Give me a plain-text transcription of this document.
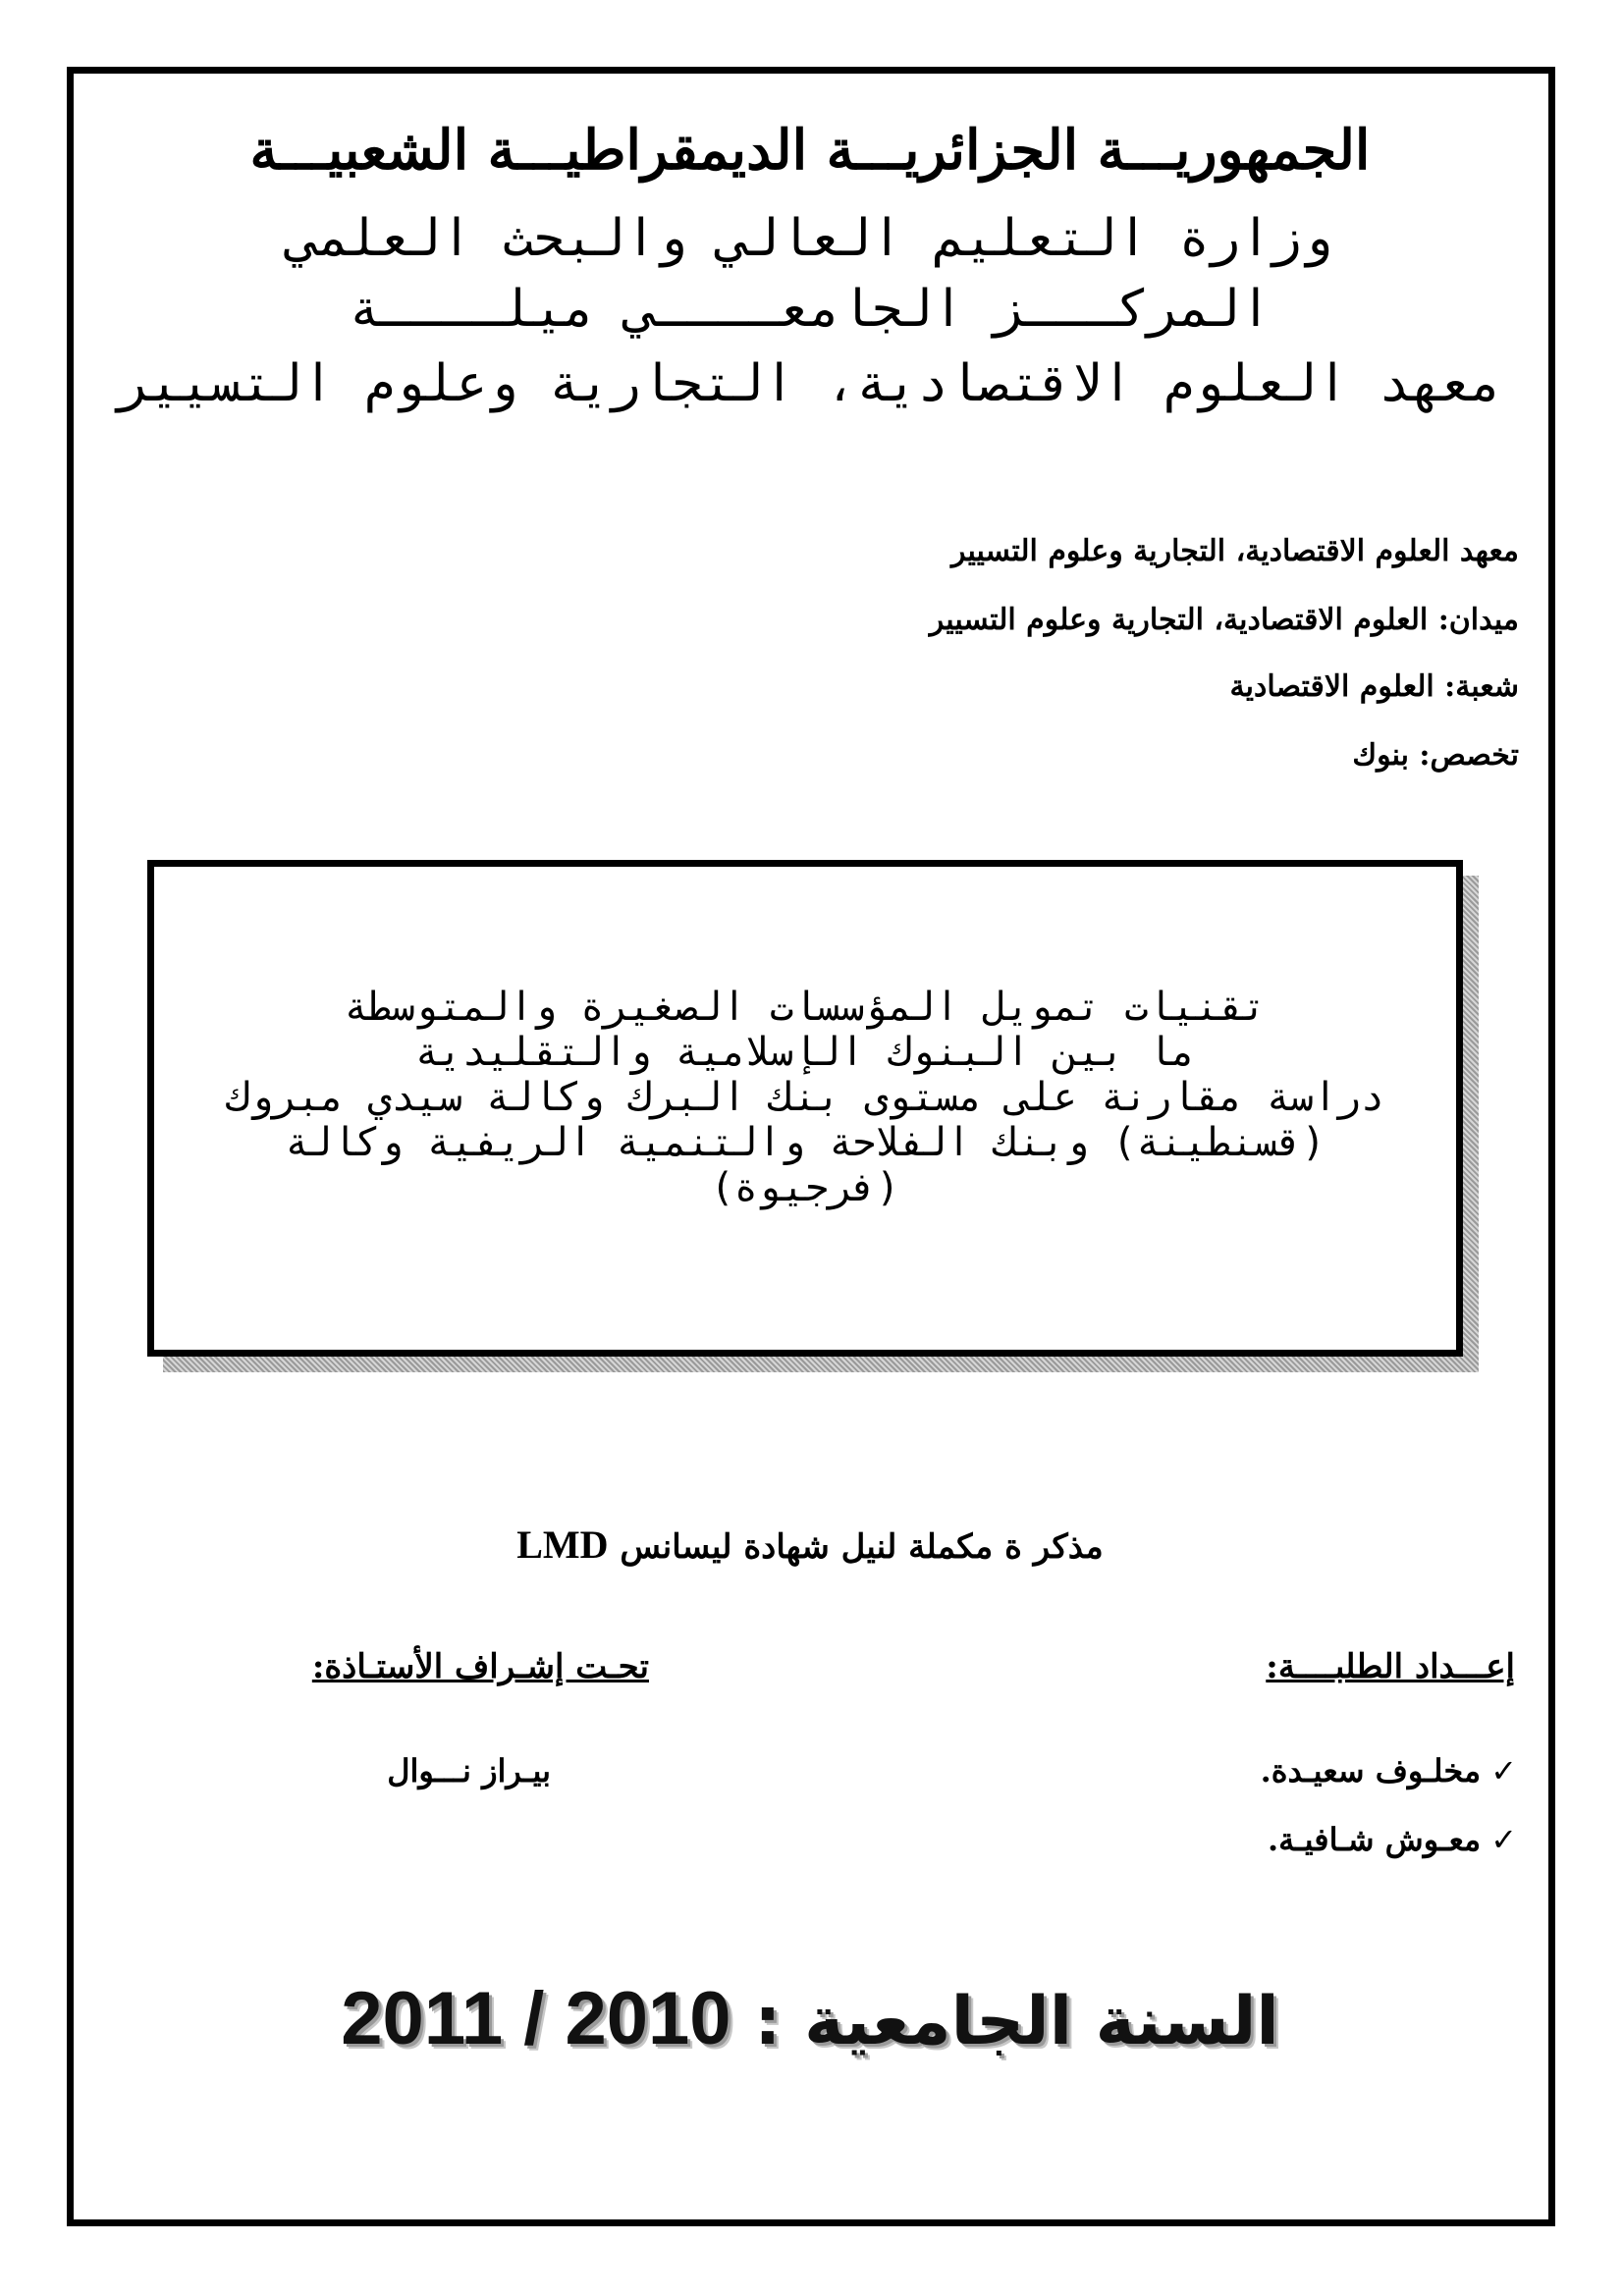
الجمهوريـــة الجزائريـــة الديمقراطيـــة الشعبيـــة
وزارة التعليم العالي والبحث العلمي
المركـــز الجامعــــي ميلــــة
معهد العلوم الاقتصادية، التجارية وعلوم التسيير
معهد العلوم الاقتصادية، التجارية وعلوم التسيير
ميدان: العلوم الاقتصادية، التجارية وعلوم التسيير
شعبة: العلوم الاقتصادية
تخصص: بنوك
تقنيات تمويل المؤسسات الصغيرة والمتوسطة
ما بين البنوك الإسلامية والتقليدية
دراسة مقارنة على مستوى بنك البرك وكالة سيدي مبروك
(قسنطينة) وبنك الفلاحة والتنمية الريفية وكالة
(فرجيوة)
مذكر ة مكملة لنيل شهادة ليسانس LMD
إعـــداد الطلبــــة:
تحـت إشـراف الأستـاذة:
✓مخلـوف سعيـدة.
✓معـوش شـافيـة.
بيـراز نـــوال
السنة الجامعية : 2011 / 2010
